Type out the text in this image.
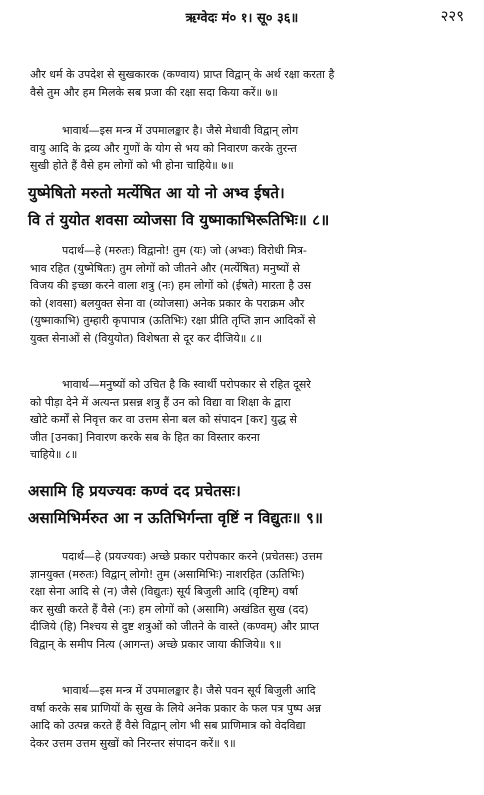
ऋग्वेदः मं० १। सू० ३६॥	२२९

और धर्म के उपदेश से सुखकारक (कण्वाय) प्राप्त विद्वान् के अर्थ रक्षा करता है

वैसे तुम और हम मिलके सब प्रजा की रक्षा सदा किया करें॥ ७॥

भावार्थ—इस मन्त्र में उपमालङ्कार है। जैसे मेधावी विद्वान् लोग

वायु आदि के द्रव्य और गुणों के योग से भय को निवारण करके तुरन्त

सुखी होते हैं वैसे हम लोगों को भी होना चाहिये॥ ७॥

युष्मेषितो मरुतो मर्त्येषित आ यो नो अभ्व ईषते।

वि तं युयोत शवसा व्योजसा वि युष्माकाभिरूतिभिः॥ ८॥

पदार्थ—हे (मरुतः) विद्वानो! तुम (यः) जो (अभ्वः) विरोधी मित्र-

भाव रहित (युष्मेषितः) तुम लोगों को जीतने और (मर्त्येषित) मनुष्यों से

विजय की इच्छा करने वाला शत्रु (नः) हम लोगों को (ईषते) मारता है उस

को (शवसा) बलयुक्त सेना वा (व्योजसा) अनेक प्रकार के पराक्रम और

(युष्माकाभि) तुम्हारी कृपापात्र (ऊतिभिः) रक्षा प्रीति तृप्ति ज्ञान आदिकों से

युक्त सेनाओं से (वियुयोत) विशेषता से दूर कर दीजिये॥ ८॥

भावार्थ—मनुष्यों को उचित है कि स्वार्थी परोपकार से रहित दूसरे

को पीड़ा देने में अत्यन्त प्रसन्न शत्रु हैं उन को विद्या वा शिक्षा के द्वारा

खोटे कर्मों से निवृत्त कर वा उत्तम सेना बल को संपादन [कर] युद्ध से

जीत [उनका] निवारण करके सब के हित का विस्तार करना

चाहिये॥ ८॥

असामि हि प्रयज्यवः कण्वं दद प्रचेतसः।

असामिभिर्मरुत आ न ऊतिभिर्गन्ता वृष्टिं न विद्युतः॥ ९॥

पदार्थ—हे (प्रयज्यवः) अच्छे प्रकार परोपकार करने (प्रचेतसः) उत्तम

ज्ञानयुक्त (मरुतः) विद्वान् लोगो! तुम (असामिभिः) नाशरहित (ऊतिभिः)

रक्षा सेना आदि से (न) जैसे (विद्युतः) सूर्य बिजुली आदि (वृष्टिम्) वर्षा

कर सुखी करते हैं वैसे (नः) हम लोगों को (असामि) अखंडित सुख (दद)

दीजिये (हि) निश्चय से दुष्ट शत्रुओं को जीतने के वास्ते (कण्वम्) और प्राप्त

विद्वान् के समीप नित्य (आगन्त) अच्छे प्रकार जाया कीजिये॥ ९॥

भावार्थ—इस मन्त्र में उपमालङ्कार है। जैसे पवन सूर्य बिजुली आदि

वर्षा करके सब प्राणियों के सुख के लिये अनेक प्रकार के फल पत्र पुष्प अन्न

आदि को उत्पन्न करते हैं वैसे विद्वान् लोग भी सब प्राणिमात्र को वेदविद्या

देकर उत्तम उत्तम सुखों को निरन्तर संपादन करें॥ ९॥
